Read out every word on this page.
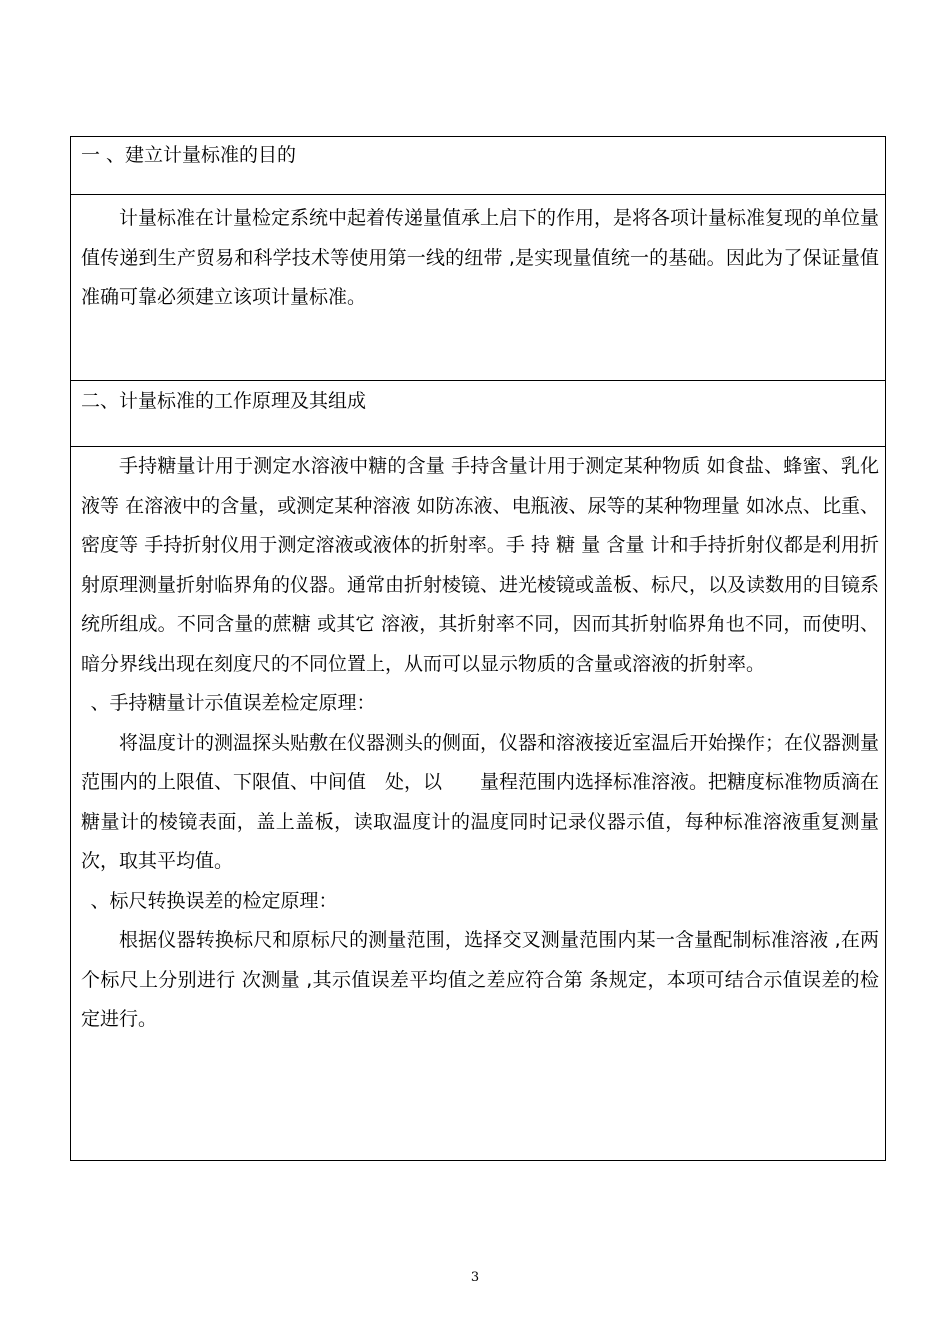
一 、建立计量标准的目的

计量标准在计量检定系统中起着传递量值承上启下的作用，是将各项计量标准复现的单位量值传递到生产贸易和科学技术等使用第一线的纽带 ,是实现量值统一的基础。因此为了保证量值准确可靠必须建立该项计量标准。

二、计量标准的工作原理及其组成

手持糖量计用于测定水溶液中糖的含量 手持含量计用于测定某种物质 如食盐、蜂蜜、乳化液等 在溶液中的含量，或测定某种溶液 如防冻液、电瓶液、尿等的某种物理量 如冰点、比重、密度等 手持折射仪用于测定溶液或液体的折射率。手 持 糖 量 含量 计和手持折射仪都是利用折射原理测量折射临界角的仪器。通常由折射棱镜、进光棱镜或盖板、标尺，以及读数用的目镜系统所组成。不同含量的蔗糖 或其它 溶液，其折射率不同，因而其折射临界角也不同，而使明、暗分界线出现在刻度尺的不同位置上，从而可以显示物质的含量或溶液的折射率。

、手持糖量计示值误差检定原理：

将温度计的测温探头贴敷在仪器测头的侧面，仪器和溶液接近室温后开始操作；在仪器测量范围内的上限值、下限值、中间值　处，以　　量程范围内选择标准溶液。把糖度标准物质滴在糖量计的棱镜表面，盖上盖板，读取温度计的温度同时记录仪器示值，每种标准溶液重复测量　次，取其平均值。

、标尺转换误差的检定原理：

根据仪器转换标尺和原标尺的测量范围，选择交叉测量范围内某一含量配制标准溶液 ,在两个标尺上分别进行 次测量 ,其示值误差平均值之差应符合第 条规定，本项可结合示值误差的检定进行。

3
